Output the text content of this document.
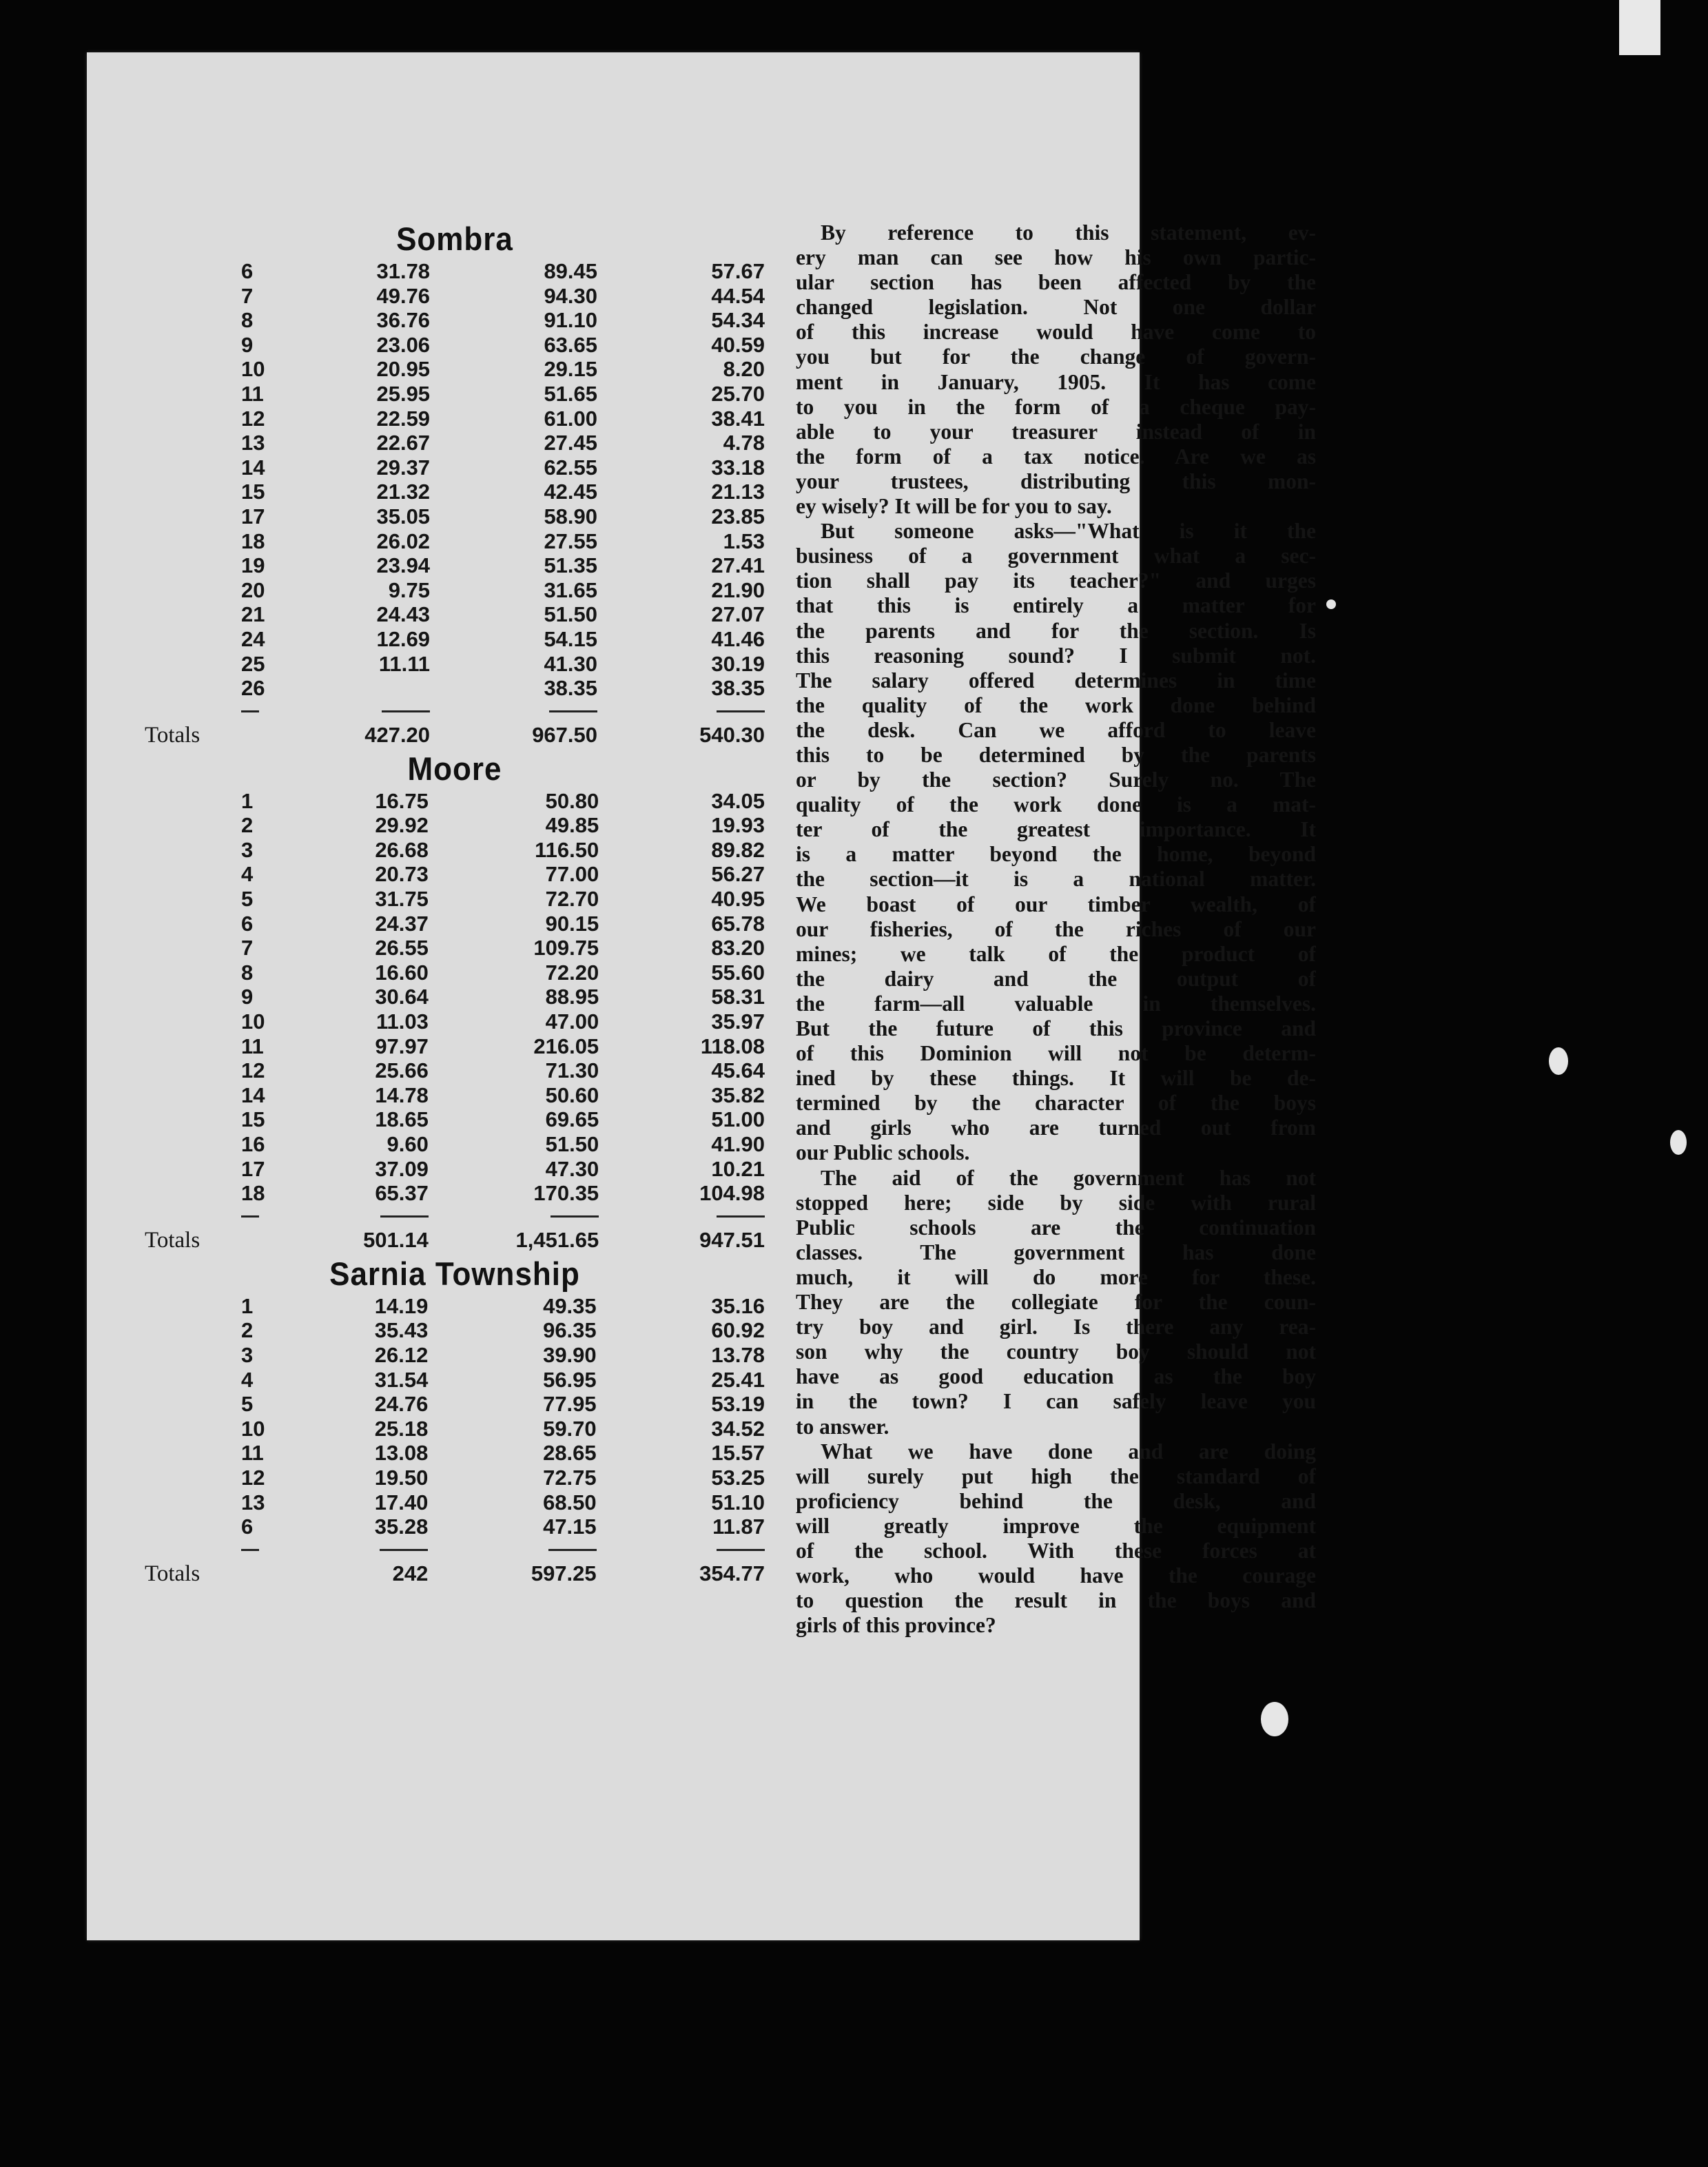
Sombra
6	31.78	89.45	57.67
7	49.76	94.30	44.54
8	36.76	91.10	54.34
9	23.06	63.65	40.59
10	20.95	29.15	8.20
11	25.95	51.65	25.70
12	22.59	61.00	38.41
13	22.67	27.45	4.78
14	29.37	62.55	33.18
15	21.32	42.45	21.13
17	35.05	58.90	23.85
18	26.02	27.55	1.53
19	23.94	51.35	27.41
20	9.75	31.65	21.90
21	24.43	51.50	27.07
24	12.69	54.15	41.46
25	11.11	41.30	30.19
26		38.35	38.35

Totals	427.20	967.50	540.30
Moore
1	16.75	50.80	34.05
2	29.92	49.85	19.93
3	26.68	116.50	89.82
4	20.73	77.00	56.27
5	31.75	72.70	40.95
6	24.37	90.15	65.78
7	26.55	109.75	83.20
8	16.60	72.20	55.60
9	30.64	88.95	58.31
10	11.03	47.00	35.97
11	97.97	216.05	118.08
12	25.66	71.30	45.64
14	14.78	50.60	35.82
15	18.65	69.65	51.00
16	9.60	51.50	41.90
17	37.09	47.30	10.21
18	65.37	170.35	104.98

Totals	501.14	1,451.65	947.51
Sarnia Township
1	14.19	49.35	35.16
2	35.43	96.35	60.92
3	26.12	39.90	13.78
4	31.54	56.95	25.41
5	24.76	77.95	53.19
10	25.18	59.70	34.52
11	13.08	28.65	15.57
12	19.50	72.75	53.25
13	17.40	68.50	51.10
6	35.28	47.15	11.87

Totals	242	597.25	354.77
By reference to this statement, ev-
ery man can see how his own partic-
ular section has been affected by the
changed legislation. Not one dollar
of this increase would have come to
you but for the change of govern-
ment in January, 1905. It has come
to you in the form of a cheque pay-
able to your treasurer instead of in
the form of a tax notice. Are we as
your trustees, distributing this mon-
ey wisely? It will be for you to say.
But someone asks—"What is it the
business of a government what a sec-
tion shall pay its teacher?" and urges
that this is entirely a matter for
the parents and for the section. Is
this reasoning sound? I submit not.
The salary offered determines in time
the quality of the work done behind
the desk. Can we afford to leave
this to be determined by the parents
or by the section? Surely no. The
quality of the work done is a mat-
ter of the greatest importance. It
is a matter beyond the home, beyond
the section—it is a national matter.
We boast of our timber wealth, of
our fisheries, of the riches of our
mines; we talk of the product of
the dairy and the output of
the farm—all valuable in themselves.
But the future of this province and
of this Dominion will not be determ-
ined by these things. It will be de-
termined by the character of the boys
and girls who are turned out from
our Public schools.
The aid of the government has not
stopped here; side by side with rural
Public schools are the continuation
classes. The government has done
much, it will do more for these.
They are the collegiate for the coun-
try boy and girl. Is there any rea-
son why the country boy should not
have as good education as the boy
in the town? I can safely leave you
to answer.
What we have done and are doing
will surely put high the standard of
proficiency behind the desk, and
will greatly improve the equipment
of the school. With these forces at
work, who would have the courage
to question the result in the boys and
girls of this province?
